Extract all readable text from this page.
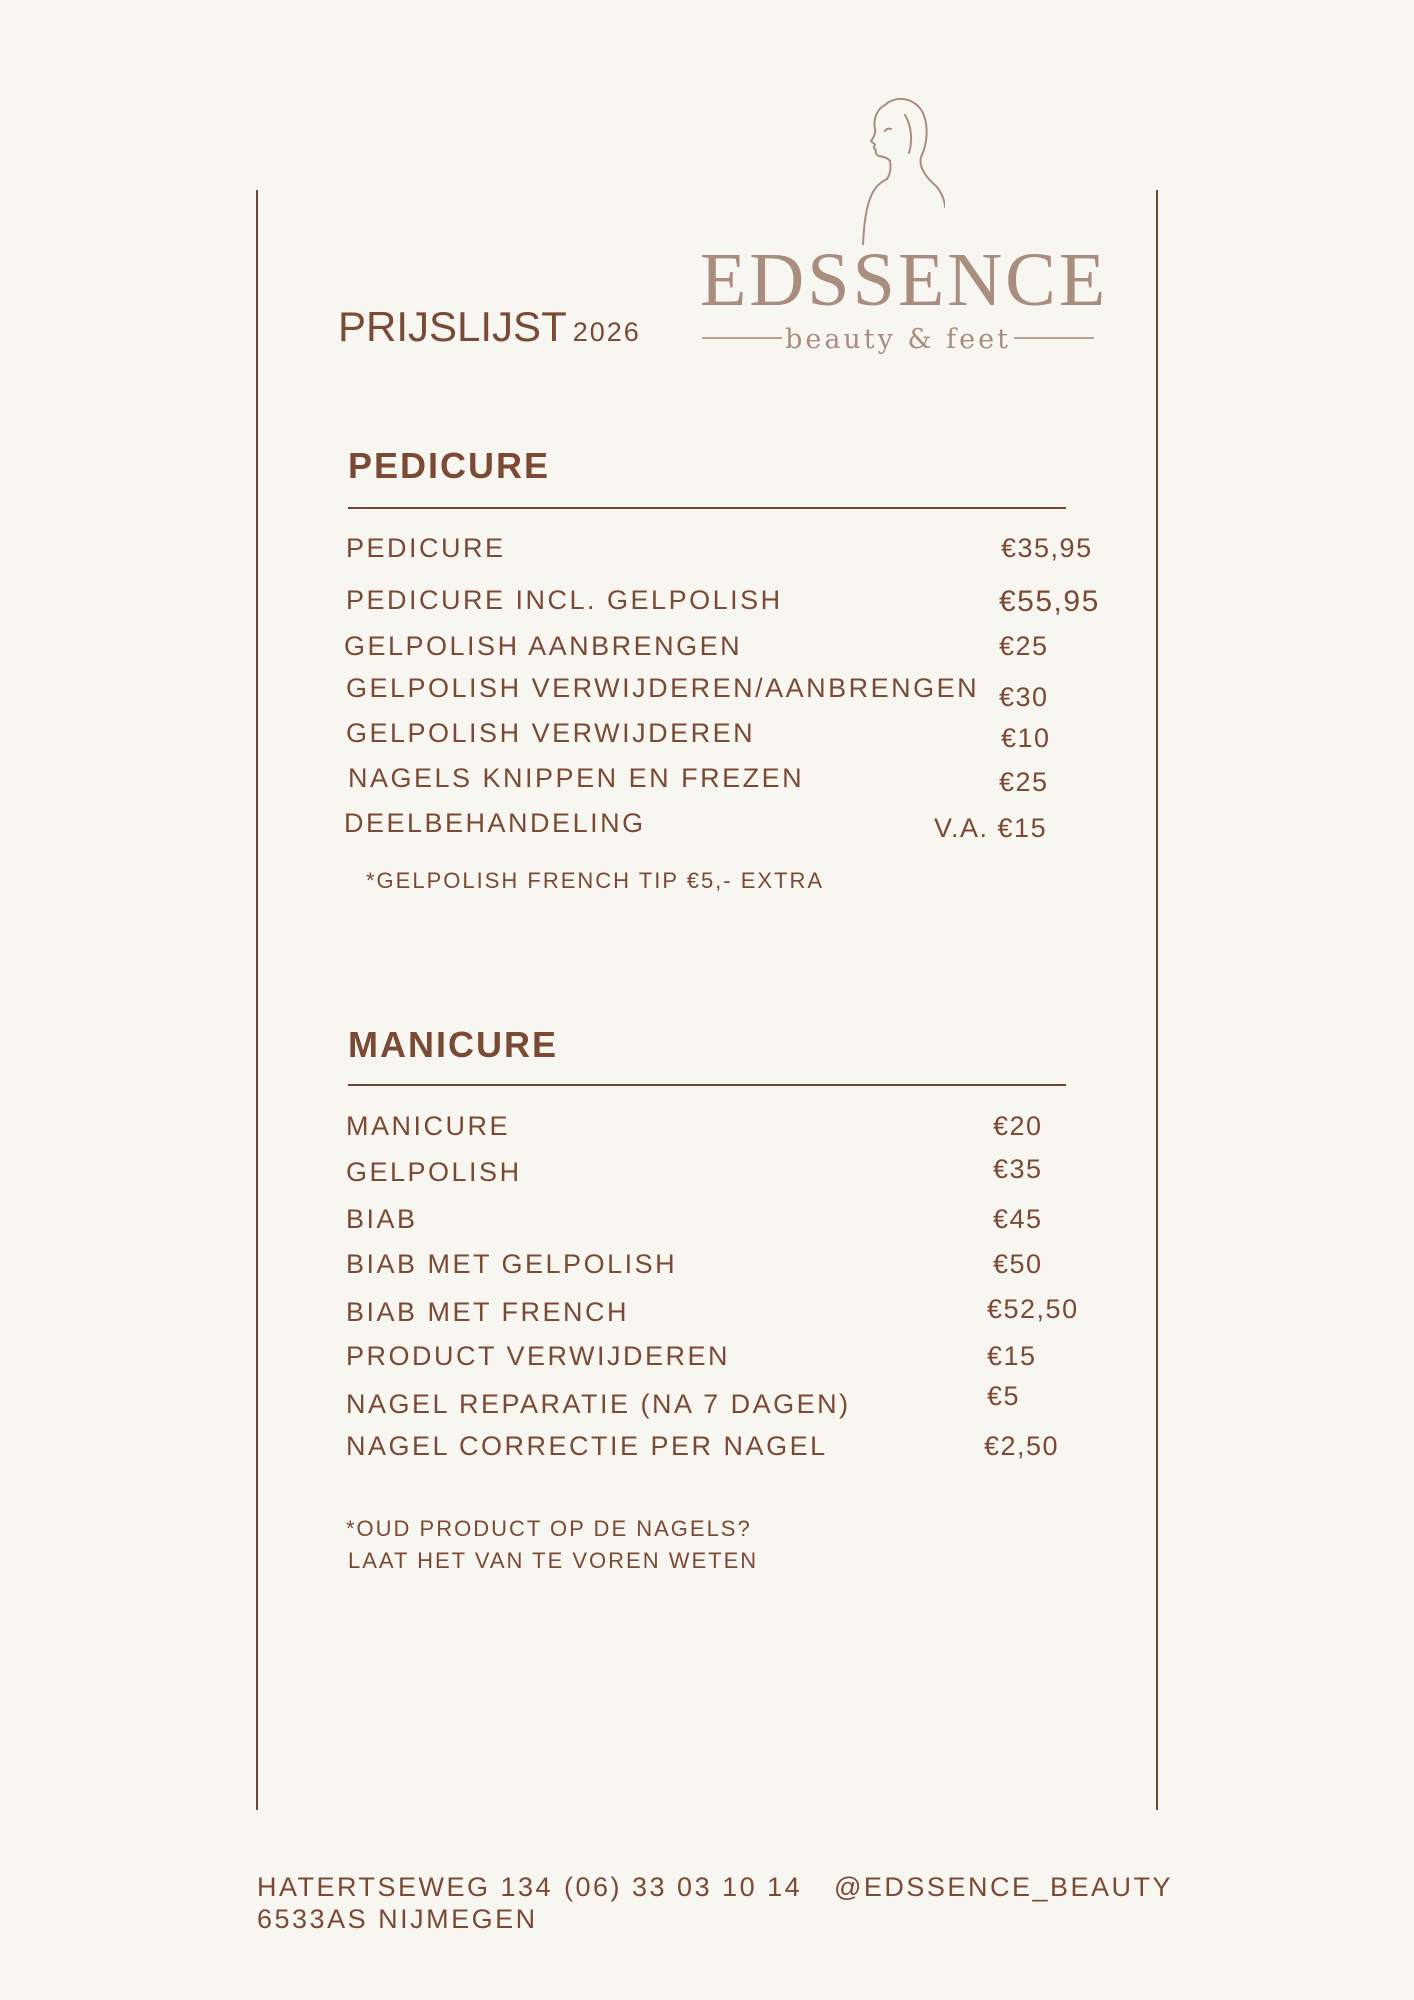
EDSSENCE
beauty & feet
PRIJSLIJST 2026
PEDICURE
PEDICURE	€35,95
PEDICURE INCL. GELPOLISH	€55,95
GELPOLISH AANBRENGEN	€25
GELPOLISH VERWIJDEREN/AANBRENGEN €30
GELPOLISH VERWIJDEREN	€10
NAGELS KNIPPEN EN FREZEN	€25
DEELBEHANDELING	V.A. €15
*GELPOLISH FRENCH TIP €5,- EXTRA
MANICURE
MANICURE	€20
GELPOLISH	€35
BIAB	€45
BIAB MET GELPOLISH	€50
BIAB MET FRENCH	€52,50
PRODUCT VERWIJDEREN	€15
NAGEL REPARATIE (NA 7 DAGEN)	€5
NAGEL CORRECTIE PER NAGEL	€2,50
*OUD PRODUCT OP DE NAGELS?
LAAT HET VAN TE VOREN WETEN
HATERTSEWEG 134
6533AS NIJMEGEN
(06) 33 03 10 14 @EDSSENCE_BEAUTY
